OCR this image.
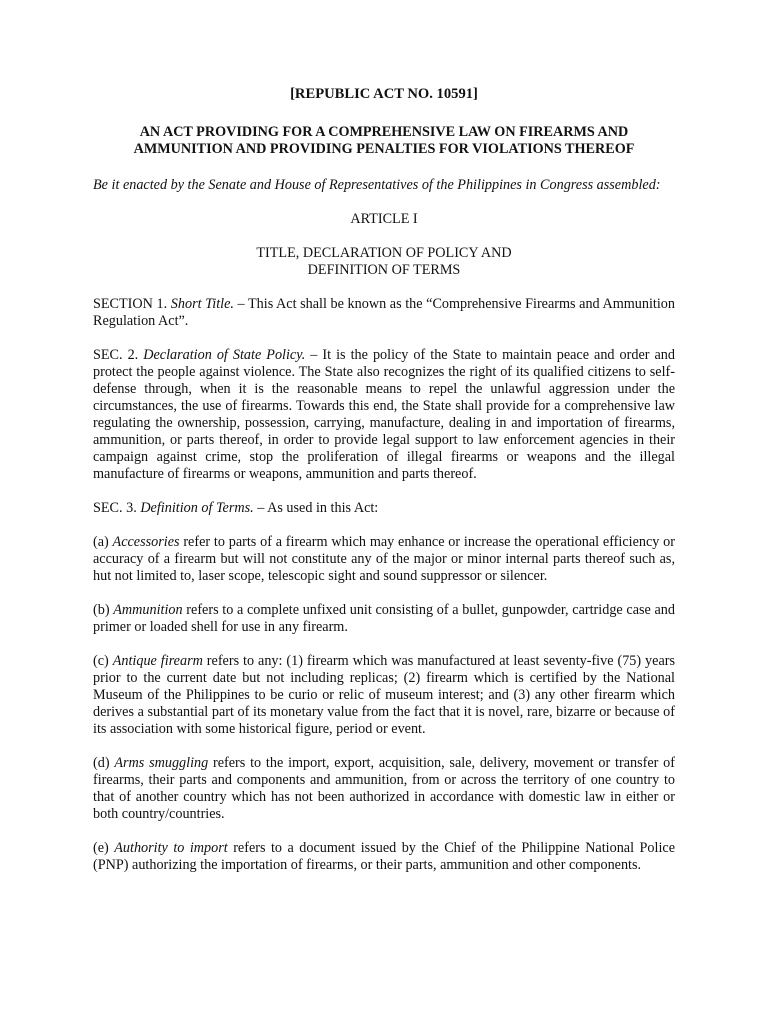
[REPUBLIC ACT NO. 10591]
AN ACT PROVIDING FOR A COMPREHENSIVE LAW ON FIREARMS AND
AMMUNITION AND PROVIDING PENALTIES FOR VIOLATIONS THEREOF

Be it enacted by the Senate and House of Representatives of the Philippines in Congress assembled:

ARTICLE I
TITLE, DECLARATION OF POLICY AND
DEFINITION OF TERMS

SECTION 1. Short Title. – This Act shall be known as the “Comprehensive Firearms and Ammunition Regulation Act”.

SEC. 2. Declaration of State Policy. – It is the policy of the State to maintain peace and order and protect the people against violence. The State also recognizes the right of its qualified citizens to self-defense through, when it is the reasonable means to repel the unlawful aggression under the circumstances, the use of firearms. Towards this end, the State shall provide for a comprehensive law regulating the ownership, possession, carrying, manufacture, dealing in and importation of firearms, ammunition, or parts thereof, in order to provide legal support to law enforcement agencies in their campaign against crime, stop the proliferation of illegal firearms or weapons and the illegal manufacture of firearms or weapons, ammunition and parts thereof.

SEC. 3. Definition of Terms. – As used in this Act:

(a) Accessories refer to parts of a firearm which may enhance or increase the operational efficiency or accuracy of a firearm but will not constitute any of the major or minor internal parts thereof such as, hut not limited to, laser scope, telescopic sight and sound suppressor or silencer.

(b) Ammunition refers to a complete unfixed unit consisting of a bullet, gunpowder, cartridge case and primer or loaded shell for use in any firearm.

(c) Antique firearm refers to any: (1) firearm which was manufactured at least seventy-five (75) years prior to the current date but not including replicas; (2) firearm which is certified by the National Museum of the Philippines to be curio or relic of museum interest; and (3) any other firearm which derives a substantial part of its monetary value from the fact that it is novel, rare, bizarre or because of its association with some historical figure, period or event.

(d) Arms smuggling refers to the import, export, acquisition, sale, delivery, movement or transfer of firearms, their parts and components and ammunition, from or across the territory of one country to that of another country which has not been authorized in accordance with domestic law in either or both country/countries.

(e) Authority to import refers to a document issued by the Chief of the Philippine National Police (PNP) authorizing the importation of firearms, or their parts, ammunition and other components.
